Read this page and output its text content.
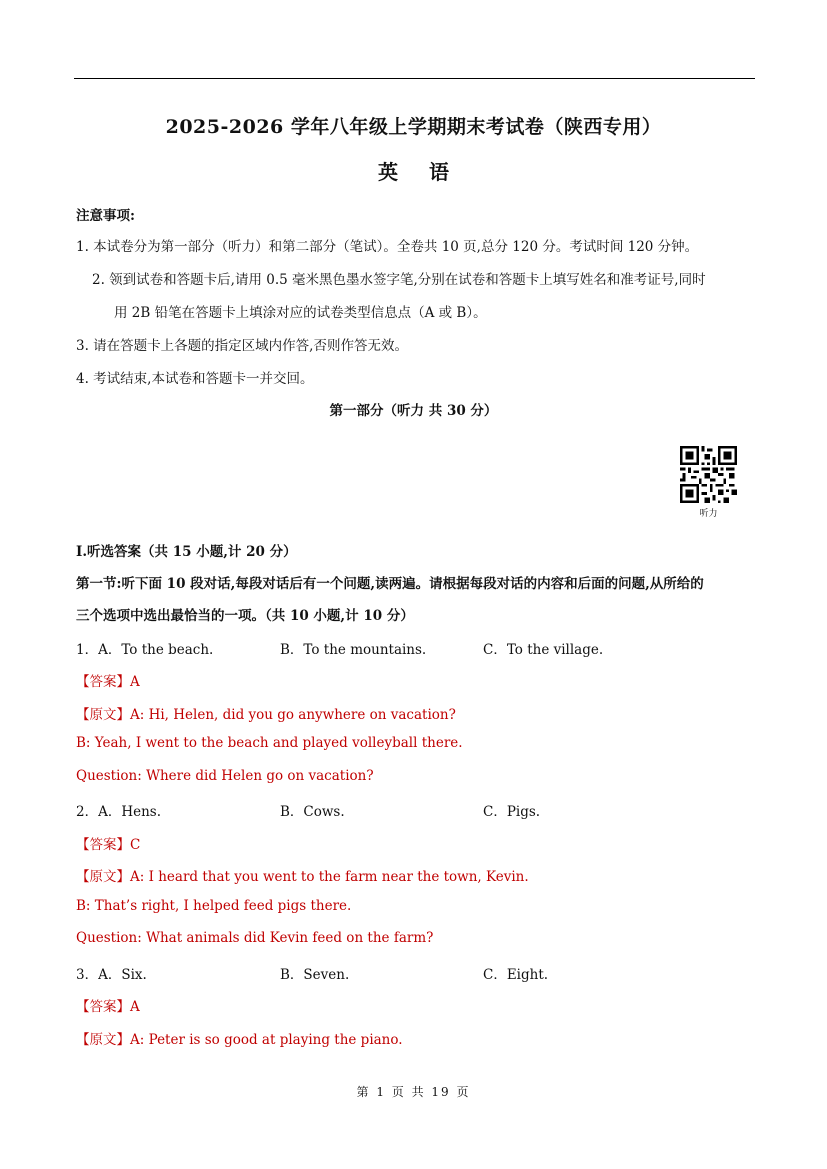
2025-2026 学年八年级上学期期末考试卷（陕西专用）
英 语
注意事项:
1. 本试卷分为第一部分（听力）和第二部分（笔试）。全卷共 10 页,总分 120 分。考试时间 120 分钟。
2. 领到试卷和答题卡后,请用 0.5 毫米黑色墨水签字笔,分别在试卷和答题卡上填写姓名和准考证号,同时
用 2B 铅笔在答题卡上填涂对应的试卷类型信息点（A 或 B）。
3. 请在答题卡上各题的指定区域内作答,否则作答无效。
4. 考试结束,本试卷和答题卡一并交回。
第一部分（听力 共 30 分）
听力
I.听选答案（共 15 小题,计 20 分）
第一节:听下面 10 段对话,每段对话后有一个问题,读两遍。请根据每段对话的内容和后面的问题,从所给的
三个选项中选出最恰当的一项。（共 10 小题,计 10 分）
1．A．To the beach.	B．To the mountains.	C．To the village.
【答案】A
【原文】A: Hi, Helen, did you go anywhere on vacation?
B: Yeah, I went to the beach and played volleyball there.
Question: Where did Helen go on vacation?
2．A．Hens.	B．Cows.	C．Pigs.
【答案】C
【原文】A: I heard that you went to the farm near the town, Kevin.
B: That’s right, I helped feed pigs there.
Question: What animals did Kevin feed on the farm?
3．A．Six.	B．Seven.	C．Eight.
【答案】A
【原文】A: Peter is so good at playing the piano.
第 1 页 共 19 页
